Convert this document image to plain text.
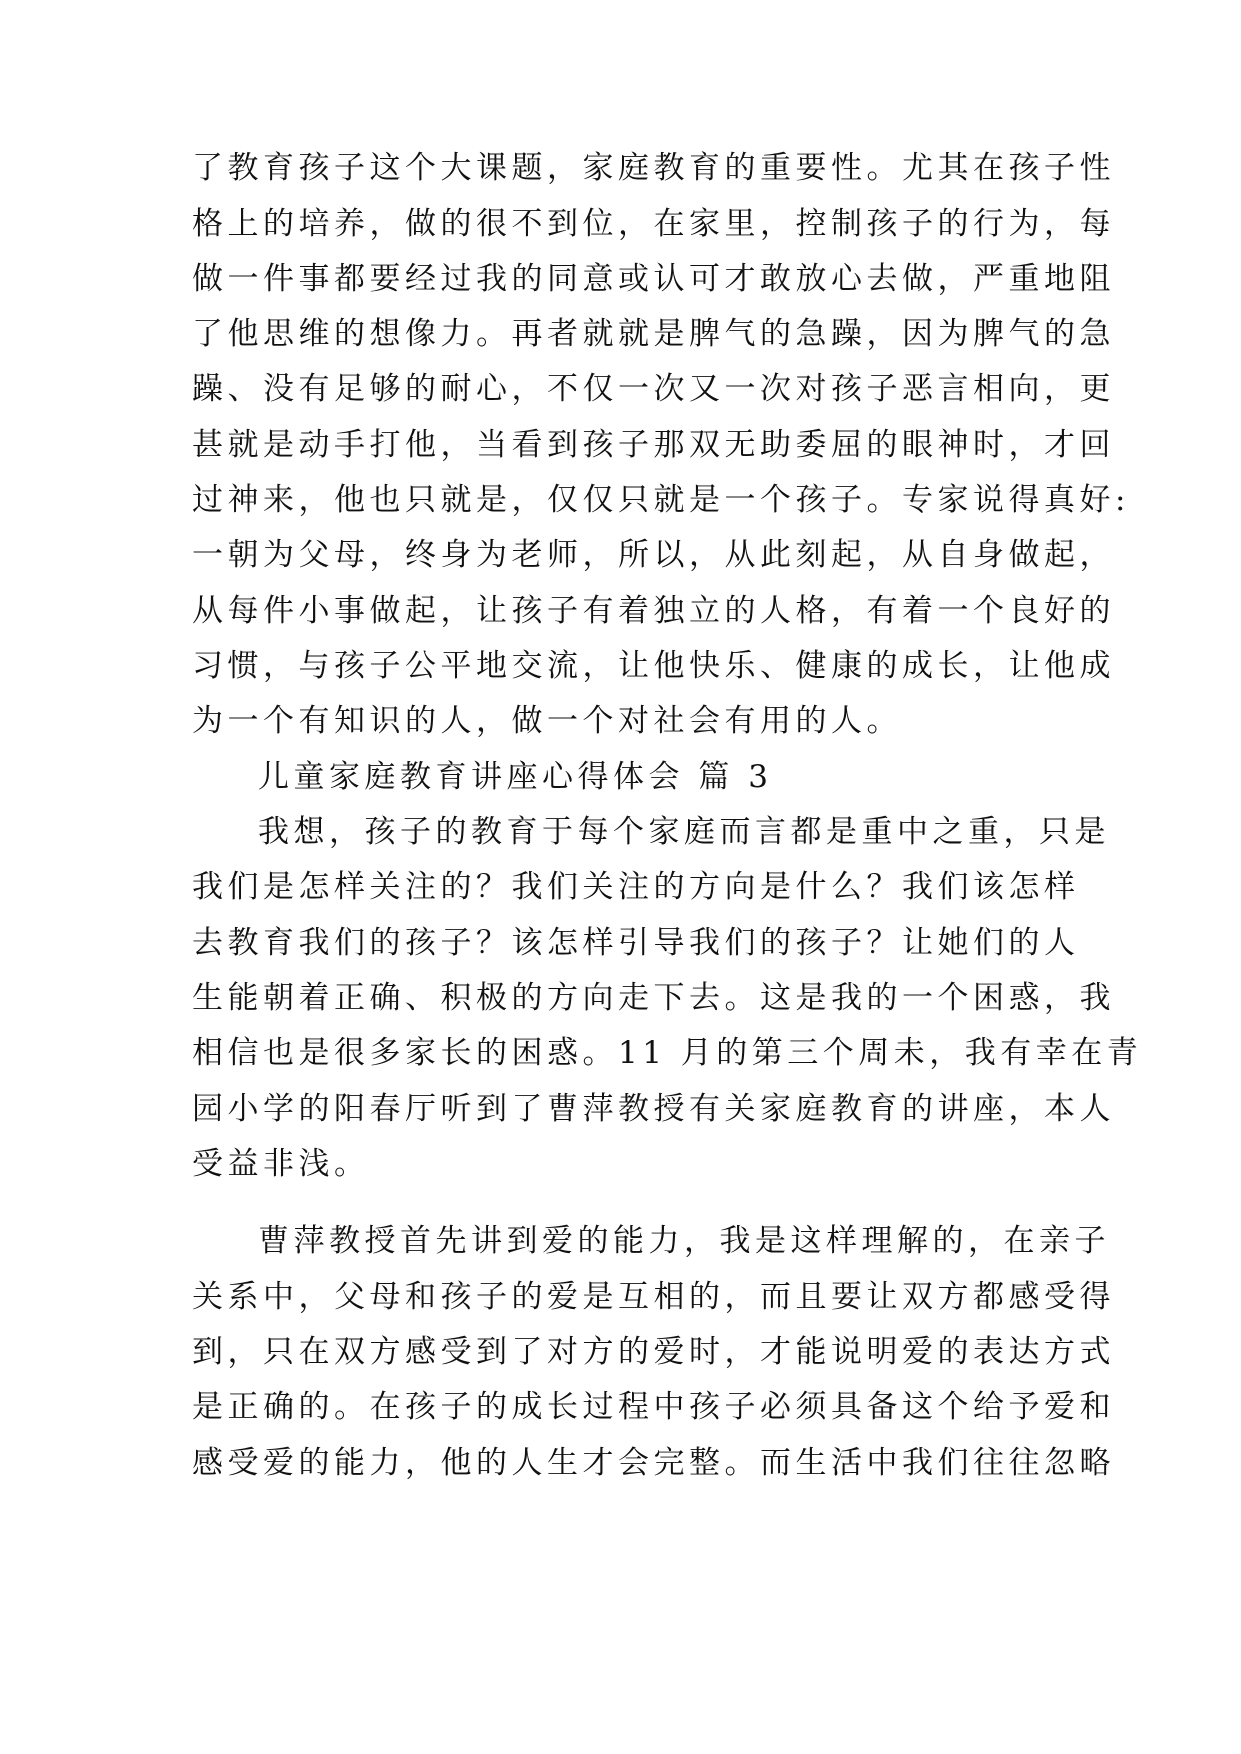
了教育孩子这个大课题，家庭教育的重要性。尤其在孩子性
格上的培养，做的很不到位，在家里，控制孩子的行为，每
做一件事都要经过我的同意或认可才敢放心去做，严重地阻
了他思维的想像力。再者就就是脾气的急躁，因为脾气的急
躁、没有足够的耐心，不仅一次又一次对孩子恶言相向，更
甚就是动手打他，当看到孩子那双无助委屈的眼神时，才回
过神来，他也只就是，仅仅只就是一个孩子。专家说得真好:
一朝为父母，终身为老师，所以，从此刻起，从自身做起，
从每件小事做起，让孩子有着独立的人格，有着一个良好的
习惯，与孩子公平地交流，让他快乐、健康的成长，让他成
为一个有知识的人，做一个对社会有用的人。
儿童家庭教育讲座心得体会 篇 3
我想，孩子的教育于每个家庭而言都是重中之重，只是
我们是怎样关注的？我们关注的方向是什么？我们该怎样
去教育我们的孩子？该怎样引导我们的孩子？让她们的人
生能朝着正确、积极的方向走下去。这是我的一个困惑，我
相信也是很多家长的困惑。11 月的第三个周未，我有幸在青
园小学的阳春厅听到了曹萍教授有关家庭教育的讲座，本人
受益非浅。
曹萍教授首先讲到爱的能力，我是这样理解的，在亲子
关系中，父母和孩子的爱是互相的，而且要让双方都感受得
到，只在双方感受到了对方的爱时，才能说明爱的表达方式
是正确的。在孩子的成长过程中孩子必须具备这个给予爱和
感受爱的能力，他的人生才会完整。而生活中我们往往忽略
